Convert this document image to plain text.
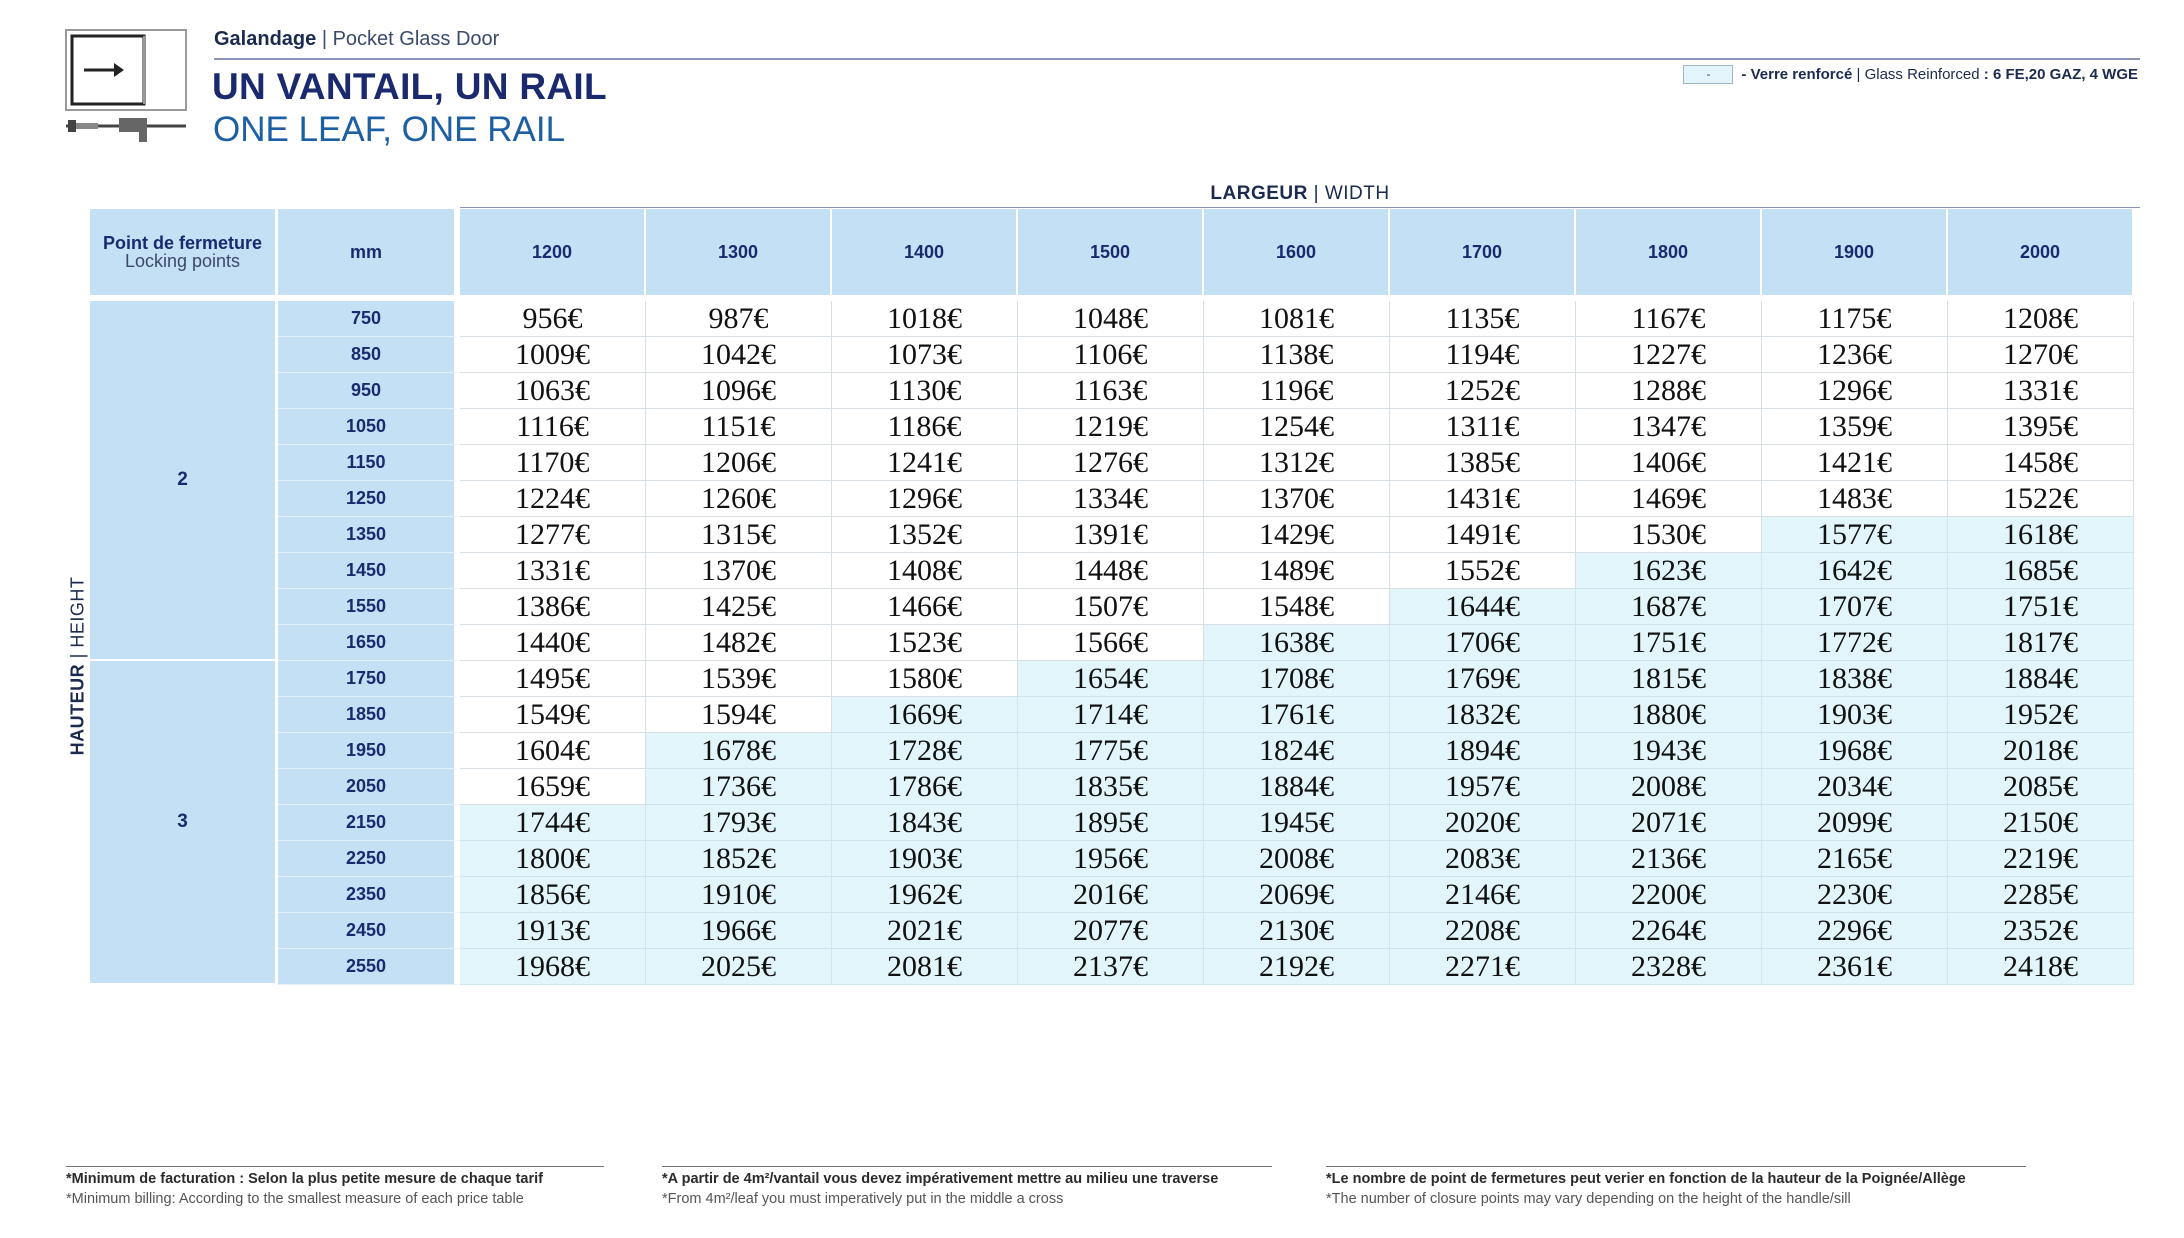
Galandage | Pocket Glass Door
UN VANTAIL, UN RAIL
ONE LEAF, ONE RAIL
-	- Verre renforcé
|
Glass Reinforced
: 6 FE,20 GAZ, 4 WGE
LARGEUR | WIDTH
HAUTEUR | HEIGHT
Point de fermeture
Locking points	mm	1200	1300	1400	1500	1600	1700	1800	1900	2000
2	750	956€	987€	1018€	1048€	1081€	1135€	1167€	1175€	1208€
	850	1009€	1042€	1073€	1106€	1138€	1194€	1227€	1236€	1270€
	950	1063€	1096€	1130€	1163€	1196€	1252€	1288€	1296€	1331€
	1050	1116€	1151€	1186€	1219€	1254€	1311€	1347€	1359€	1395€
	1150	1170€	1206€	1241€	1276€	1312€	1385€	1406€	1421€	1458€
	1250	1224€	1260€	1296€	1334€	1370€	1431€	1469€	1483€	1522€
	1350	1277€	1315€	1352€	1391€	1429€	1491€	1530€	1577€	1618€
	1450	1331€	1370€	1408€	1448€	1489€	1552€	1623€	1642€	1685€
	1550	1386€	1425€	1466€	1507€	1548€	1644€	1687€	1707€	1751€
	1650	1440€	1482€	1523€	1566€	1638€	1706€	1751€	1772€	1817€
3	1750	1495€	1539€	1580€	1654€	1708€	1769€	1815€	1838€	1884€
	1850	1549€	1594€	1669€	1714€	1761€	1832€	1880€	1903€	1952€
	1950	1604€	1678€	1728€	1775€	1824€	1894€	1943€	1968€	2018€
	2050	1659€	1736€	1786€	1835€	1884€	1957€	2008€	2034€	2085€
	2150	1744€	1793€	1843€	1895€	1945€	2020€	2071€	2099€	2150€
	2250	1800€	1852€	1903€	1956€	2008€	2083€	2136€	2165€	2219€
	2350	1856€	1910€	1962€	2016€	2069€	2146€	2200€	2230€	2285€
	2450	1913€	1966€	2021€	2077€	2130€	2208€	2264€	2296€	2352€
	2550	1968€	2025€	2081€	2137€	2192€	2271€	2328€	2361€	2418€
*Minimum de facturation : Selon la plus petite mesure de chaque tarif
*Minimum billing: According to the smallest measure of each price table
*A partir de 4m²/vantail vous devez impérativement mettre au milieu une traverse
*From 4m²/leaf you must imperatively put in the middle a cross
*Le nombre de point de fermetures peut verier en fonction de la hauteur de la Poignée/Allège
*The number of closure points may vary depending on the height of the handle/sill
